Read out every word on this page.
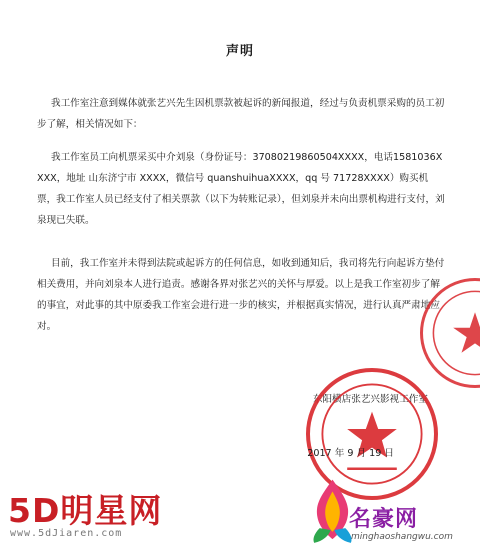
声明
我工作室注意到媒体就张艺兴先生因机票款被起诉的新闻报道，经过与负责机票采购的员工初步了解，相关情况如下：
我工作室员工向机票采买中介刘泉（身份证号：37080219860504XXXX，电话1581036XXXX，地址 山东济宁市 XXXX，微信号 quanshuihuaXXXX，qq 号 71728XXXX）购买机票，我工作室人员已经支付了相关票款（以下为转账记录），但刘泉并未向出票机构进行支付，刘泉现已失联。
目前，我工作室并未得到法院或起诉方的任何信息，如收到通知后，我司将先行向起诉方垫付相关费用，并向刘泉本人进行追责。感谢各界对张艺兴的关怀与厚爱。以上是我工作室初步了解的事宜，对此事的其中原委我工作室会进行进一步的核实，并根据真实情况，进行认真严肃地应对。
东阳横店张艺兴影视工作室
2017 年 9 月 19 日
5D明星网
www.5dJiaren.com
名豪网
minghaoshangwu.com
